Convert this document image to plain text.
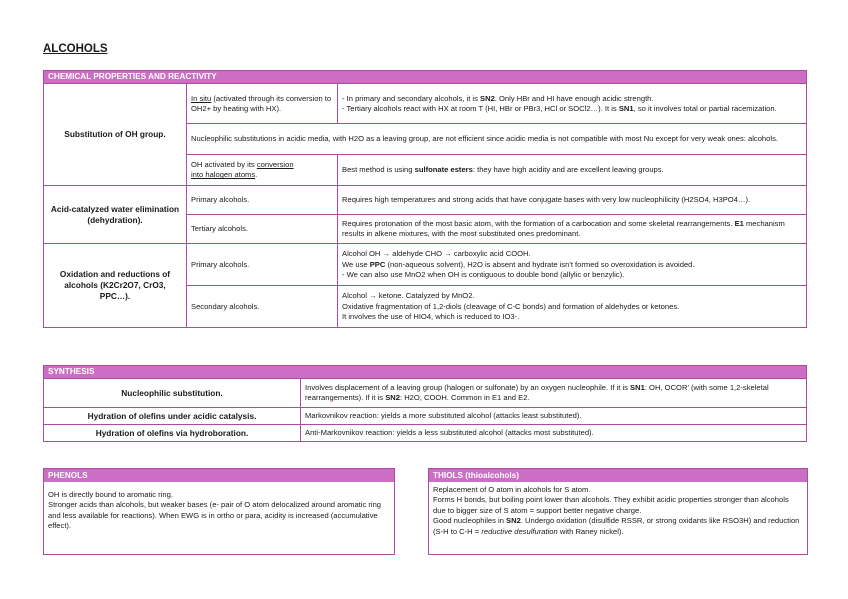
ALCOHOLS
CHEMICAL PROPERTIES AND REACTIVITY		
Substitution of OH group.	In situ (activated through its conversion to OH2+ by heating with HX).	- In primary and secondary alcohols, it is SN2. Only HBr and HI have enough acidic strength.
- Tertiary alcohols react with HX at room T (HI, HBr or PBr3, HCl or SOCl2…). It is SN1, so it involves total or partial racemization.

	Nucleophilic substitutions in acidic media, with H2O as a leaving group, are not efficient since acidic media is not compatible with most Nu except for very weak ones: alcohols.	
	OH activated by its conversion
into halogen atoms.	Best method is using sulfonate esters: they have high acidity and are excellent leaving groups.
Acid-catalyzed water elimination (dehydration).	Primary alcohols.	Requires high temperatures and strong acids that have conjugate bases with very low nucleophilicity (H2SO4, H3PO4…).
	Tertiary alcohols.	Requires protonation of the most basic atom, with the formation of a carbocation and some skeletal rearrangements. E1 mechanism results in alkene mixtures, with the most substituted ones predominant.
Oxidation and reductions of alcohols (K2Cr2O7, CrO3, PPC…).	Primary alcohols.	Alcohol OH → aldehyde CHO → carboxylic acid COOH.
We use PPC (non-aqueous solvent), H2O is absent and hydrate isn't formed so overoxidation is avoided.
- We can also use MnO2 when OH is contiguous to double bond (allylic or benzylic).

	Secondary alcohols.	Alcohol → ketone. Catalyzed by MnO2.
Oxidative fragmentation of 1,2-diols (cleavage of C-C bonds) and formation of aldehydes or ketones.
It involves the use of HIO4, which is reduced to IO3-.
SYNTHESIS	
Nucleophilic substitution.	Involves displacement of a leaving group (halogen or sulfonate) by an oxygen nucleophile. If it is SN1: OH, OCOR' (with some 1,2-skeletal rearrangements). If it is SN2: H2O, COOH. Common in E1 and E2.
Hydration of olefins under acidic catalysis.	Markovnikov reaction: yields a more substituted alcohol (attacks least substituted).
Hydration of olefins via hydroboration.	Anti-Markovnikov reaction: yields a less substituted alcohol (attacks most substituted).
PHENOLS
OH is directly bound to aromatic ring.
Stronger acids than alcohols, but weaker bases (e- pair of O atom delocalized around aromatic ring and less available for reactions). When EWG is in ortho or para, acidity is increased (accumulative effect).
THIOLS (thioalcohols)
Replacement of O atom in alcohols for S atom.
Forms H bonds, but boiling point lower than alcohols. They exhibit acidic properties stronger than alcohols due to bigger size of S atom = support better negative charge.
Good nucleophiles in SN2. Undergo oxidation (disulfide RSSR, or strong oxidants like RSO3H) and reduction (S-H to C-H = reductive desulfuration with Raney nickel).
